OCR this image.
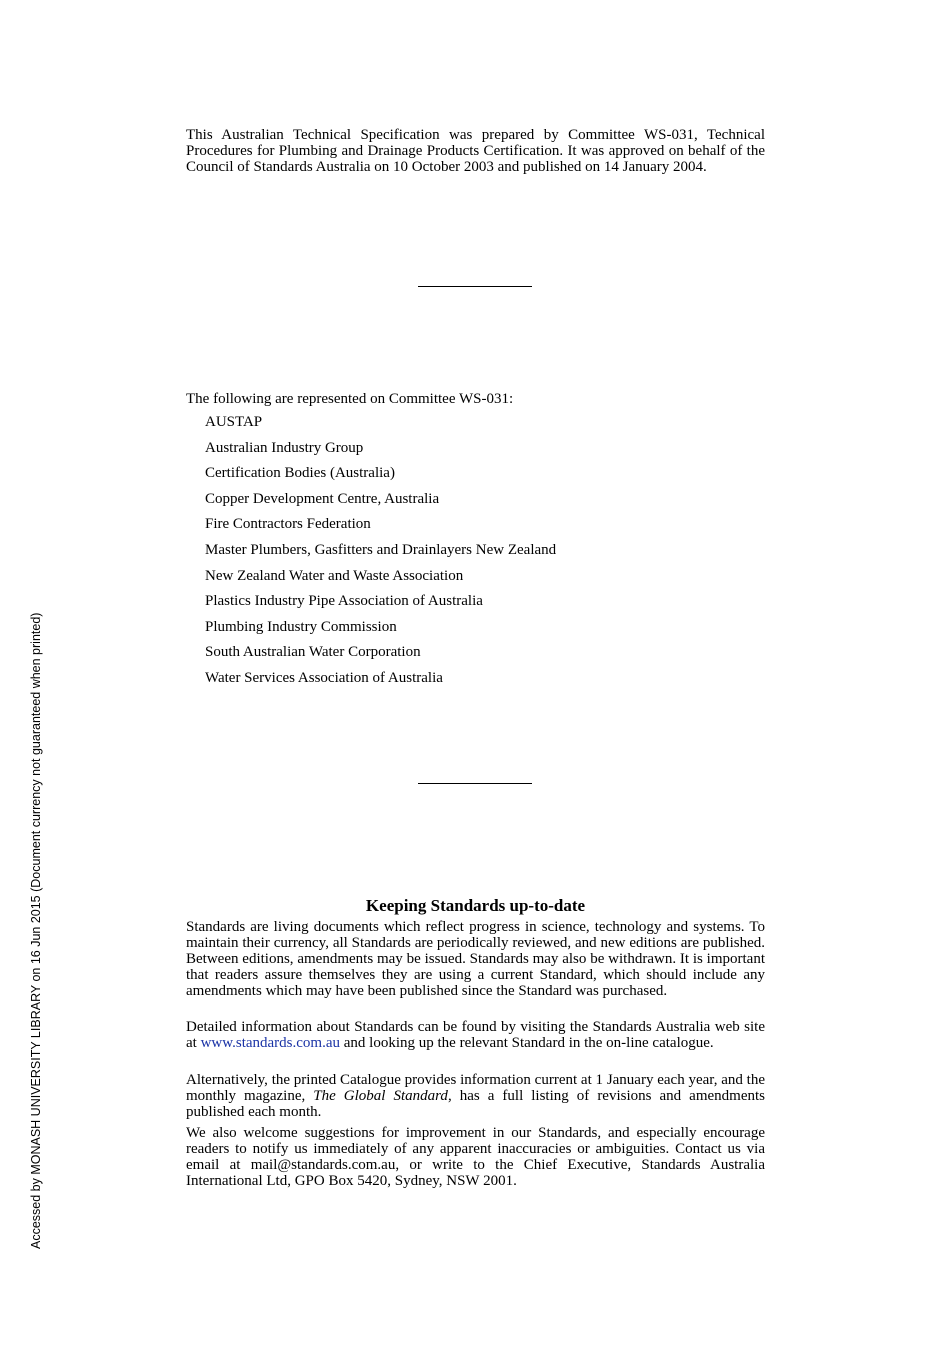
This Australian Technical Specification was prepared by Committee WS-031, Technical Procedures for Plumbing and Drainage Products Certification. It was approved on behalf of the Council of Standards Australia on 10 October 2003 and published on 14 January 2004.

The following are represented on Committee WS-031:
AUSTAP
Australian Industry Group
Certification Bodies (Australia)
Copper Development Centre, Australia
Fire Contractors Federation
Master Plumbers, Gasfitters and Drainlayers New Zealand
New Zealand Water and Waste Association
Plastics Industry Pipe Association of Australia
Plumbing Industry Commission
South Australian Water Corporation
Water Services Association of Australia
Keeping Standards up-to-date

Standards are living documents which reflect progress in science, technology and systems. To maintain their currency, all Standards are periodically reviewed, and new editions are published. Between editions, amendments may be issued. Standards may also be withdrawn. It is important that readers assure themselves they are using a current Standard, which should include any amendments which may have been published since the Standard was purchased.

Detailed information about Standards can be found by visiting the Standards Australia web site at www.standards.com.au and looking up the relevant Standard in the on-line catalogue.

Alternatively, the printed Catalogue provides information current at 1 January each year, and the monthly magazine, The Global Standard, has a full listing of revisions and amendments published each month.

We also welcome suggestions for improvement in our Standards, and especially encourage readers to notify us immediately of any apparent inaccuracies or ambiguities. Contact us via email at mail@standards.com.au, or write to the Chief Executive, Standards Australia International Ltd, GPO Box 5420, Sydney, NSW 2001.

Accessed by MONASH UNIVERSITY LIBRARY on 16 Jun 2015 (Document currency not guaranteed when printed)
